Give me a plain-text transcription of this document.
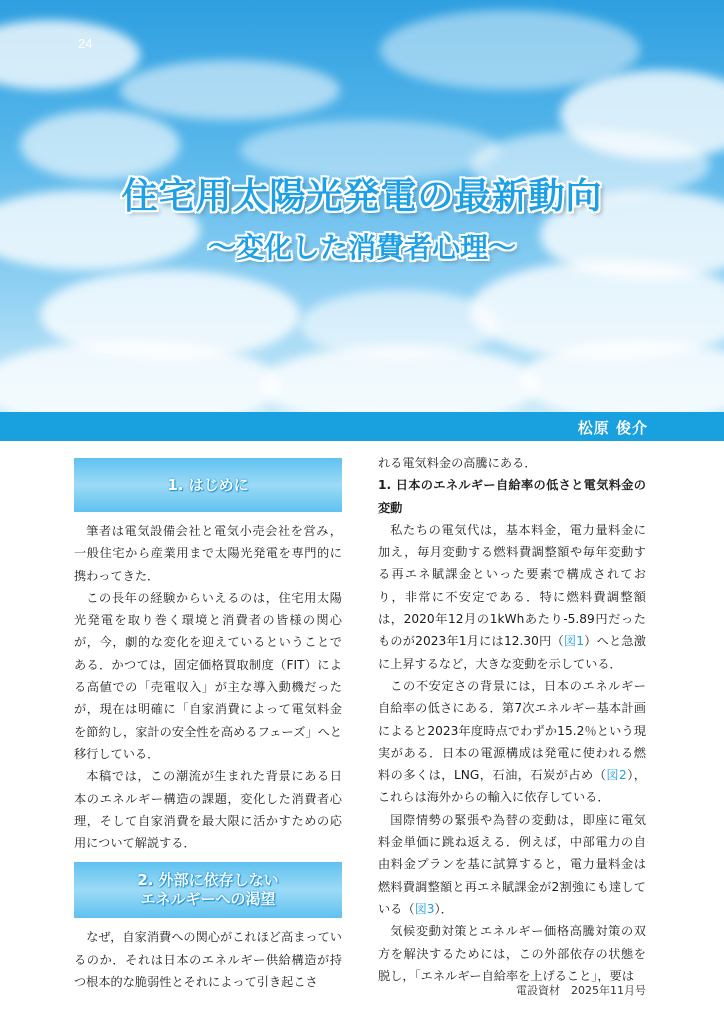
24
住宅用太陽光発電の最新動向
～変化した消費者心理～
松原 俊介
1. はじめに

筆者は電気設備会社と電気小売会社を営み，一般住宅から産業用まで太陽光発電を専門的に携わってきた．

この長年の経験からいえるのは，住宅用太陽光発電を取り巻く環境と消費者の皆様の関心が，今，劇的な変化を迎えているということである．かつては，固定価格買取制度（FIT）による高値での「売電収入」が主な導入動機だったが，現在は明確に「自家消費によって電気料金を節約し，家計の安全性を高めるフェーズ」へと移行している．

本稿では，この潮流が生まれた背景にある日本のエネルギー構造の課題，変化した消費者心理，そして自家消費を最大限に活かすための応用について解説する．

2. 外部に依存しない
エネルギーへの渇望

なぜ，自家消費への関心がこれほど高まっているのか．それは日本のエネルギー供給構造が持つ根本的な脆弱性とそれによって引き起こさ

れる電気料金の高騰にある．

1. 日本のエネルギー自給率の低さと電気料金の変動

私たちの電気代は，基本料金，電力量料金に加え，毎月変動する燃料費調整額や毎年変動する再エネ賦課金といった要素で構成されており，非常に不安定である．特に燃料費調整額は，2020年12月の1kWhあたり-5.89円だったものが2023年1月には12.30円（図1）へと急激に上昇するなど，大きな変動を示している．

この不安定さの背景には，日本のエネルギー自給率の低さにある．第7次エネルギー基本計画によると2023年度時点でわずか15.2％という現実がある．日本の電源構成は発電に使われる燃料の多くは，LNG，石油，石炭が占め（図2），これらは海外からの輸入に依存している．

国際情勢の緊張や為替の変動は，即座に電気料金単価に跳ね返える．例えば，中部電力の自由料金プランを基に試算すると，電力量料金は燃料費調整額と再エネ賦課金が2割強にも達している（図3）．

気候変動対策とエネルギー価格高騰対策の双方を解決するためには，この外部依存の状態を脱し，「エネルギー自給率を上げること」，要は

電設資材　2025年11月号
